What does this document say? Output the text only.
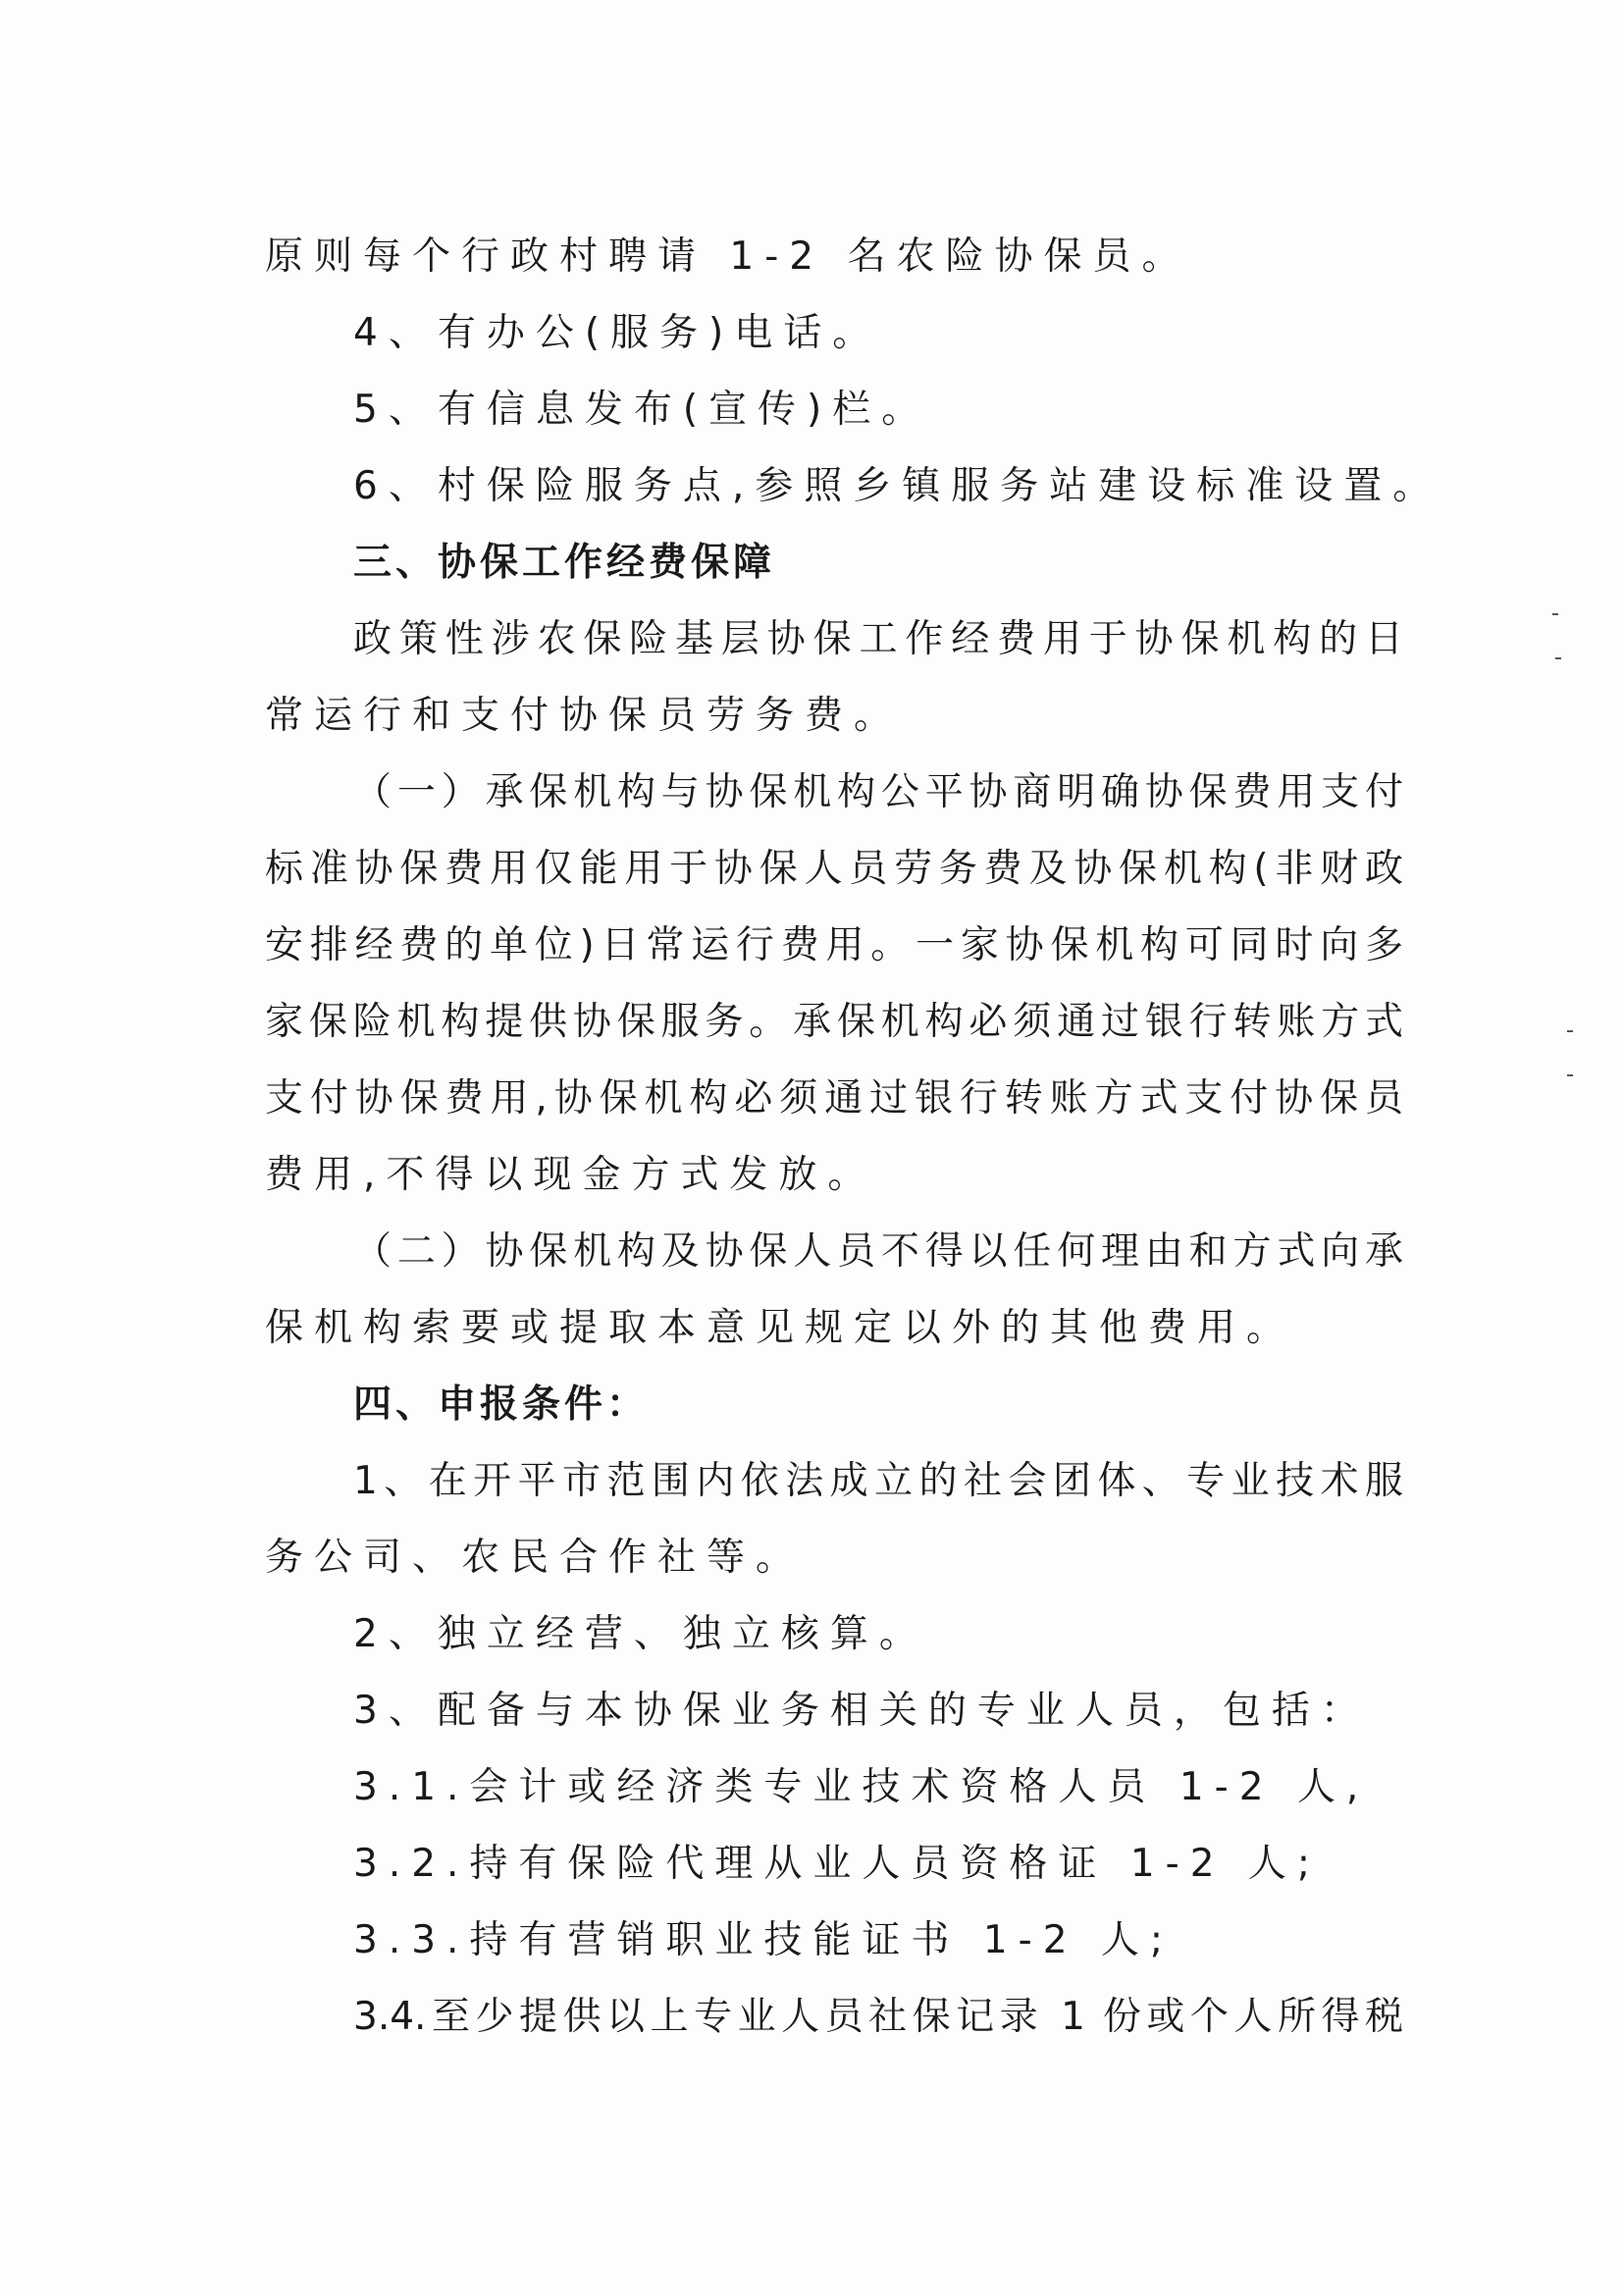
原则每个行政村聘请 1-2 名农险协保员。
4、有办公(服务)电话。
5、有信息发布(宣传)栏。
6、村保险服务点,参照乡镇服务站建设标准设置。
三、协保工作经费保障
政策性涉农保险基层协保工作经费用于协保机构的日
常运行和支付协保员劳务费。
（一）承保机构与协保机构公平协商明确协保费用支付
标准协保费用仅能用于协保人员劳务费及协保机构(非财政
安排经费的单位)日常运行费用。一家协保机构可同时向多
家保险机构提供协保服务。承保机构必须通过银行转账方式
支付协保费用,协保机构必须通过银行转账方式支付协保员
费用,不得以现金方式发放。
（二）协保机构及协保人员不得以任何理由和方式向承
保机构索要或提取本意见规定以外的其他费用。
四、申报条件：
1、在开平市范围内依法成立的社会团体、专业技术服
务公司、农民合作社等。
2、独立经营、独立核算。
3、配备与本协保业务相关的专业人员，包括：
3.1.会计或经济类专业技术资格人员 1-2 人,
3.2.持有保险代理从业人员资格证 1-2 人;
3.3.持有营销职业技能证书 1-2 人;
3.4.至少提供以上专业人员社保记录 1 份或个人所得税
